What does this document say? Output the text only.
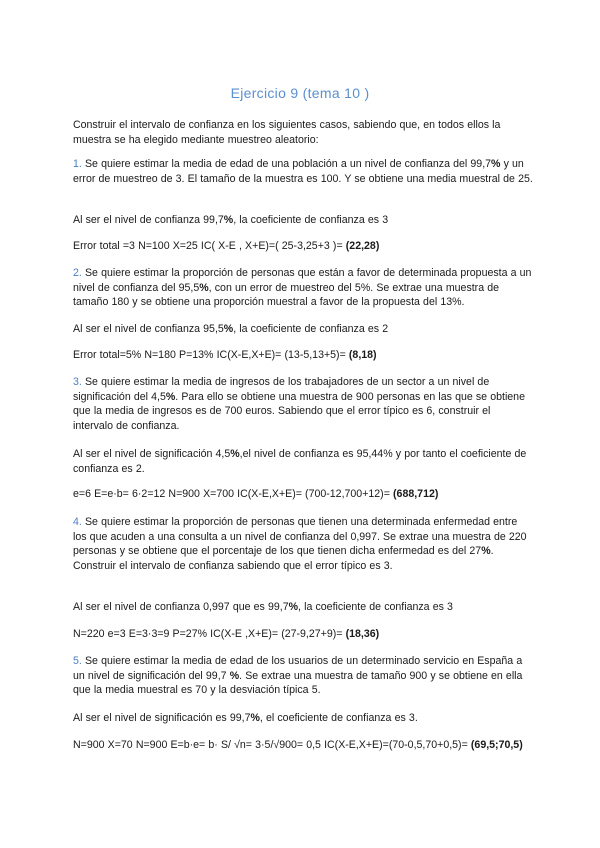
Ejercicio 9 (tema 10 )

Construir el intervalo de confianza en los siguientes casos, sabiendo que, en todos ellos la muestra se ha elegido mediante muestreo aleatorio:

1. Se quiere estimar la media de edad de una población a un nivel de confianza del 99,7% y un error de muestreo de 3. El tamaño de la muestra es 100. Y se obtiene una media muestral de 25.

Al ser el nivel de confianza 99,7%, la coeficiente de confianza es 3

Error total =3 N=100 X=25 IC( X-E , X+E)=( 25-3,25+3 )= (22,28)

2. Se quiere estimar la proporción de personas que están a favor de determinada propuesta a un nivel de confianza del 95,5%, con un error de muestreo del 5%. Se extrae una muestra de tamaño 180 y se obtiene una proporción muestral a favor de la propuesta del 13%.

Al ser el nivel de confianza 95,5%, la coeficiente de confianza es 2

Error total=5% N=180 P=13% IC(X-E,X+E)= (13-5,13+5)= (8,18)

3. Se quiere estimar la media de ingresos de los trabajadores de un sector a un nivel de significación del 4,5%. Para ello se obtiene una muestra de 900 personas en las que se obtiene que la media de ingresos es de 700 euros. Sabiendo que el error típico es 6, construir el intervalo de confianza.

Al ser el nivel de significación 4,5%,el nivel de confianza es 95,44% y por tanto el coeficiente de confianza es 2.

e=6 E=e·b= 6·2=12 N=900 X=700 IC(X-E,X+E)= (700-12,700+12)= (688,712)

4. Se quiere estimar la proporción de personas que tienen una determinada enfermedad entre los que acuden a una consulta a un nivel de confianza del 0,997. Se extrae una muestra de 220 personas y se obtiene que el porcentaje de los que tienen dicha enfermedad es del 27%. Construir el intervalo de confianza sabiendo que el error típico es 3.

Al ser el nivel de confianza 0,997 que es 99,7%, la coeficiente de confianza es 3

N=220 e=3 E=3·3=9 P=27% IC(X-E ,X+E)= (27-9,27+9)= (18,36)

5. Se quiere estimar la media de edad de los usuarios de un determinado servicio en España a un nivel de significación del 99,7 %. Se extrae una muestra de tamaño 900 y se obtiene en ella que la media muestral es 70 y la desviación típica 5.

Al ser el nivel de significación es 99,7%, el coeficiente de confianza es 3.

N=900 X=70 N=900 E=b·e= b· S/ √n= 3·5/√900= 0,5 IC(X-E,X+E)=(70-0,5,70+0,5)= (69,5;70,5)
